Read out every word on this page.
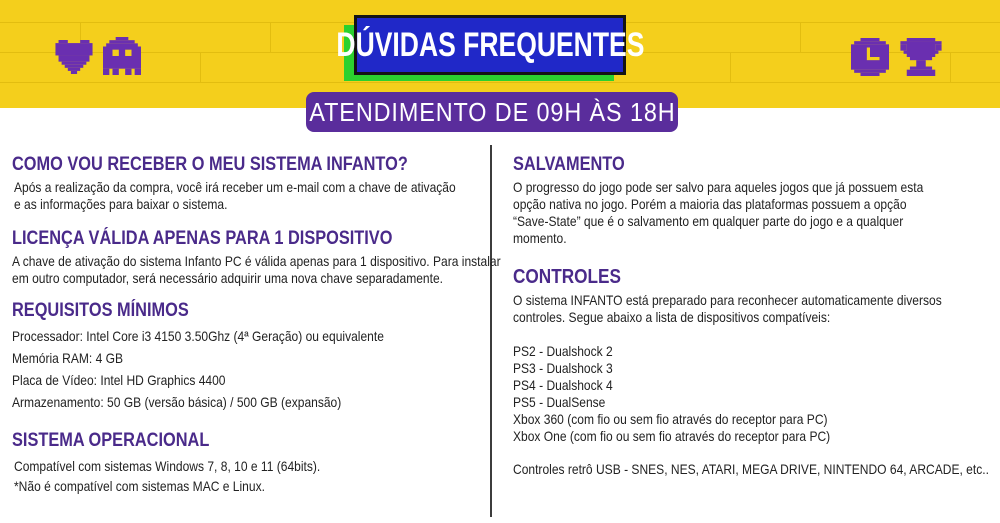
DÚVIDAS FREQUENTES
ATENDIMENTO DE 09H ÀS 18H
COMO VOU RECEBER O MEU SISTEMA INFANTO?
Após a realização da compra, você irá receber um e-mail com a chave de ativação
e as informações para baixar o sistema.
LICENÇA VÁLIDA APENAS PARA 1 DISPOSITIVO
A chave de ativação do sistema Infanto PC é válida apenas para 1 dispositivo. Para instalar
em outro computador, será necessário adquirir uma nova chave separadamente.
REQUISITOS MÍNIMOS
Processador: Intel Core i3 4150 3.50Ghz (4ª Geração) ou equivalente
Memória RAM: 4 GB
Placa de Vídeo: Intel HD Graphics 4400
Armazenamento: 50 GB (versão básica) / 500 GB (expansão)
SISTEMA OPERACIONAL
Compatível com sistemas Windows 7, 8, 10 e 11 (64bits).
*Não é compatível com sistemas MAC e Linux.
SALVAMENTO
O progresso do jogo pode ser salvo para aqueles jogos que já possuem esta
opção nativa no jogo. Porém a maioria das plataformas possuem a opção
“Save-State” que é o salvamento em qualquer parte do jogo e a qualquer
momento.
CONTROLES
O sistema INFANTO está preparado para reconhecer automaticamente diversos
controles. Segue abaixo a lista de dispositivos compatíveis:
PS2 - Dualshock 2
PS3 - Dualshock 3
PS4 - Dualshock 4
PS5 - DualSense
Xbox 360 (com fio ou sem fio através do receptor para PC)
Xbox One (com fio ou sem fio através do receptor para PC)
Controles retrô USB - SNES, NES, ATARI, MEGA DRIVE, NINTENDO 64, ARCADE, etc..
